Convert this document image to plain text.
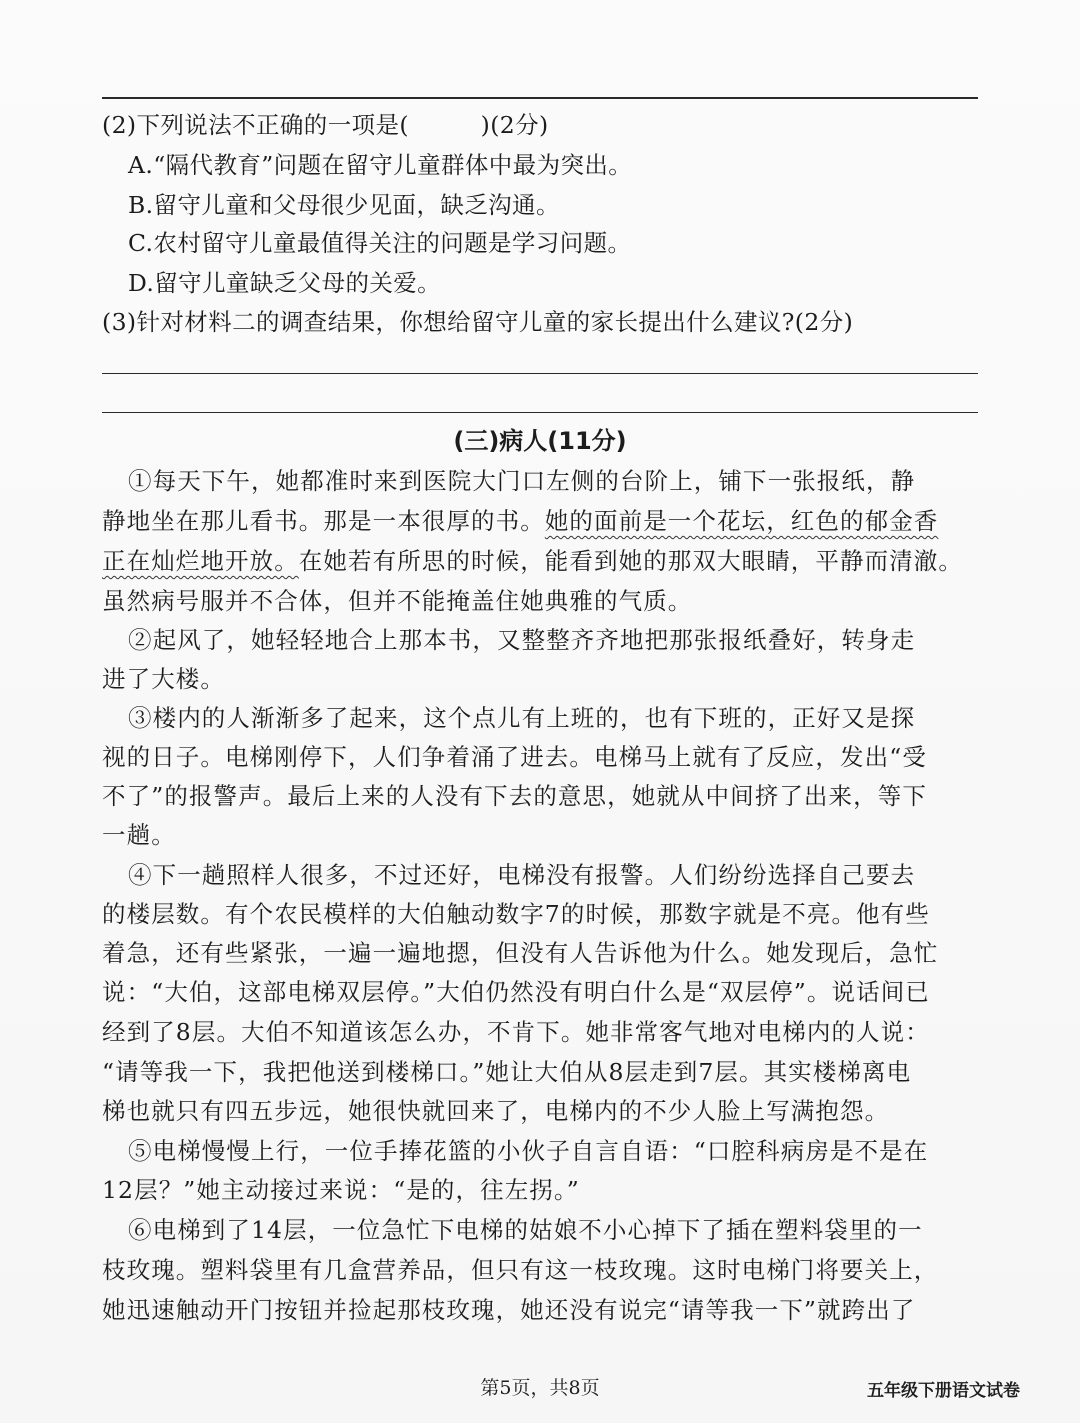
(2)下列说法不正确的一项是(　　　)(2分)
A.“隔代教育”问题在留守儿童群体中最为突出。
B.留守儿童和父母很少见面，缺乏沟通。
C.农村留守儿童最值得关注的问题是学习问题。
D.留守儿童缺乏父母的关爱。
(3)针对材料二的调查结果，你想给留守儿童的家长提出什么建议?(2分)
(三)病人(11分)
①每天下午，她都准时来到医院大门口左侧的台阶上，铺下一张报纸，静
静地坐在那儿看书。那是一本很厚的书。她的面前是一个花坛，红色的郁金香
正在灿烂地开放。在她若有所思的时候，能看到她的那双大眼睛，平静而清澈。
虽然病号服并不合体，但并不能掩盖住她典雅的气质。
②起风了，她轻轻地合上那本书，又整整齐齐地把那张报纸叠好，转身走
进了大楼。
③楼内的人渐渐多了起来，这个点儿有上班的，也有下班的，正好又是探
视的日子。电梯刚停下，人们争着涌了进去。电梯马上就有了反应，发出“受
不了”的报警声。最后上来的人没有下去的意思，她就从中间挤了出来，等下
一趟。
④下一趟照样人很多，不过还好，电梯没有报警。人们纷纷选择自己要去
的楼层数。有个农民模样的大伯触动数字7的时候，那数字就是不亮。他有些
着急，还有些紧张，一遍一遍地摁，但没有人告诉他为什么。她发现后，急忙
说：“大伯，这部电梯双层停。”大伯仍然没有明白什么是“双层停”。说话间已
经到了8层。大伯不知道该怎么办，不肯下。她非常客气地对电梯内的人说：
“请等我一下，我把他送到楼梯口。”她让大伯从8层走到7层。其实楼梯离电
梯也就只有四五步远，她很快就回来了，电梯内的不少人脸上写满抱怨。
⑤电梯慢慢上行，一位手捧花篮的小伙子自言自语：“口腔科病房是不是在
12层？”她主动接过来说：“是的，往左拐。”
⑥电梯到了14层，一位急忙下电梯的姑娘不小心掉下了插在塑料袋里的一
枝玫瑰。塑料袋里有几盒营养品，但只有这一枝玫瑰。这时电梯门将要关上，
她迅速触动开门按钮并捡起那枝玫瑰，她还没有说完“请等我一下”就跨出了
第5页，共8页	五年级下册语文试卷
